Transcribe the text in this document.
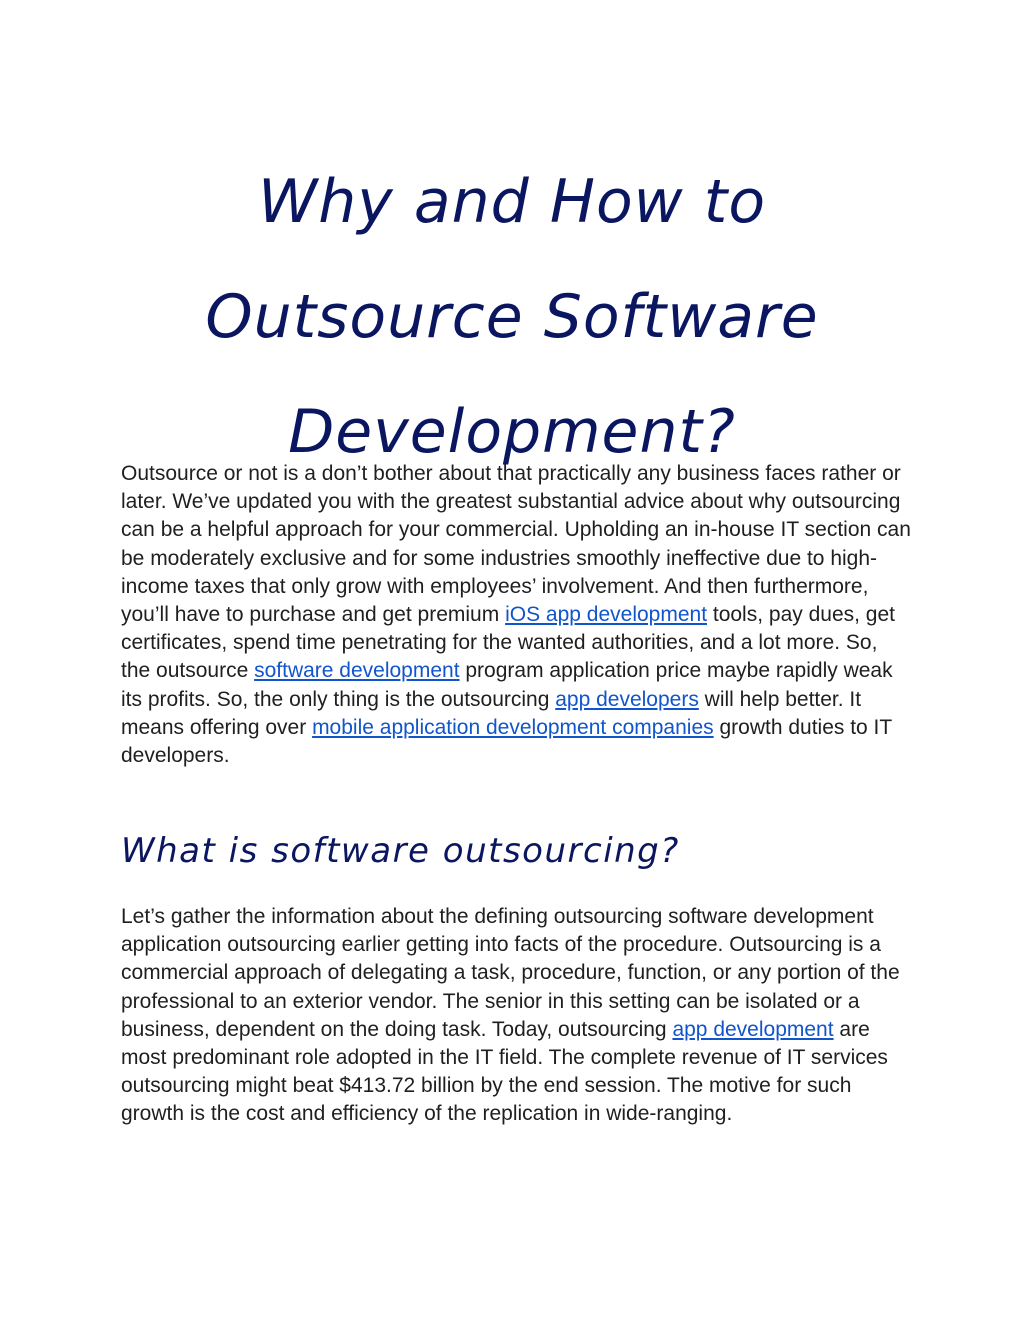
Why and How to
Outsource Software
Development?

Outsource or not is a don’t bother about that practically any business faces rather or later. We’ve updated you with the greatest substantial advice about why outsourcing can be a helpful approach for your commercial. Upholding an in-house IT section can be moderately exclusive and for some industries smoothly ineffective due to high-income taxes that only grow with employees’ involvement. And then furthermore, you’ll have to purchase and get premium iOS app development tools, pay dues, get certificates, spend time penetrating for the wanted authorities, and a lot more. So, the outsource software development program application price maybe rapidly weak its profits. So, the only thing is the outsourcing app developers will help better. It means offering over mobile application development companies growth duties to IT developers.

What is software outsourcing?

Let’s gather the information about the defining outsourcing software development application outsourcing earlier getting into facts of the procedure. Outsourcing is a commercial approach of delegating a task, procedure, function, or any portion of the professional to an exterior vendor. The senior in this setting can be isolated or a business, dependent on the doing task. Today, outsourcing app development are most predominant role adopted in the IT field. The complete revenue of IT services outsourcing might beat $413.72 billion by the end session. The motive for such growth is the cost and efficiency of the replication in wide-ranging.
